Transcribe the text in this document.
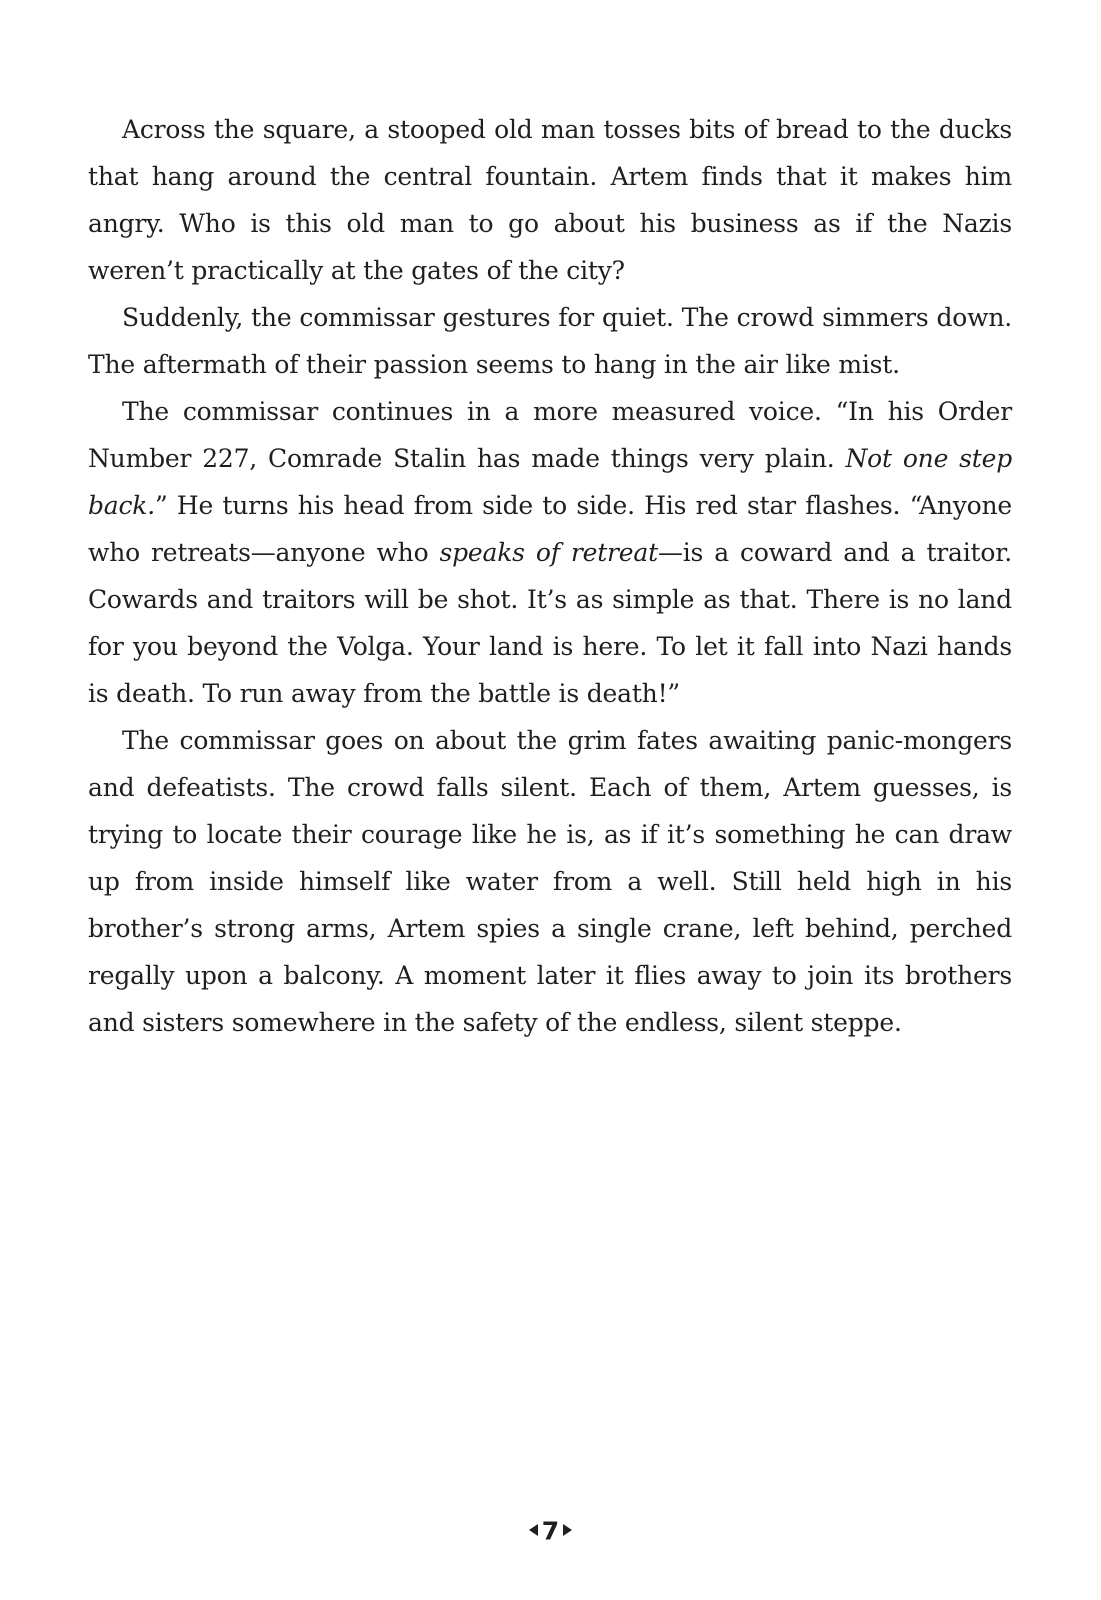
Across the square, a stooped old man tosses bits of bread to the ducks that hang around the central fountain. Artem finds that it makes him angry. Who is this old man to go about his business as if the Nazis weren’t practically at the gates of the city?

Suddenly, the commissar gestures for quiet. The crowd simmers down. The aftermath of their passion seems to hang in the air like mist.

The commissar continues in a more measured voice. “In his Order Number 227, Comrade Stalin has made things very plain. Not one step back.” He turns his head from side to side. His red star flashes. “Anyone who retreats—anyone who speaks of retreat—is a coward and a traitor. Cowards and traitors will be shot. It’s as simple as that. There is no land for you beyond the Volga. Your land is here. To let it fall into Nazi hands is death. To run away from the battle is death!”

The commissar goes on about the grim fates awaiting panic-mongers and defeatists. The crowd falls silent. Each of them, Artem guesses, is trying to locate their courage like he is, as if it’s something he can draw up from inside himself like water from a well. Still held high in his brother’s strong arms, Artem spies a single crane, left behind, perched regally upon a balcony. A moment later it flies away to join its brothers and sisters somewhere in the safety of the endless, silent steppe.

7
